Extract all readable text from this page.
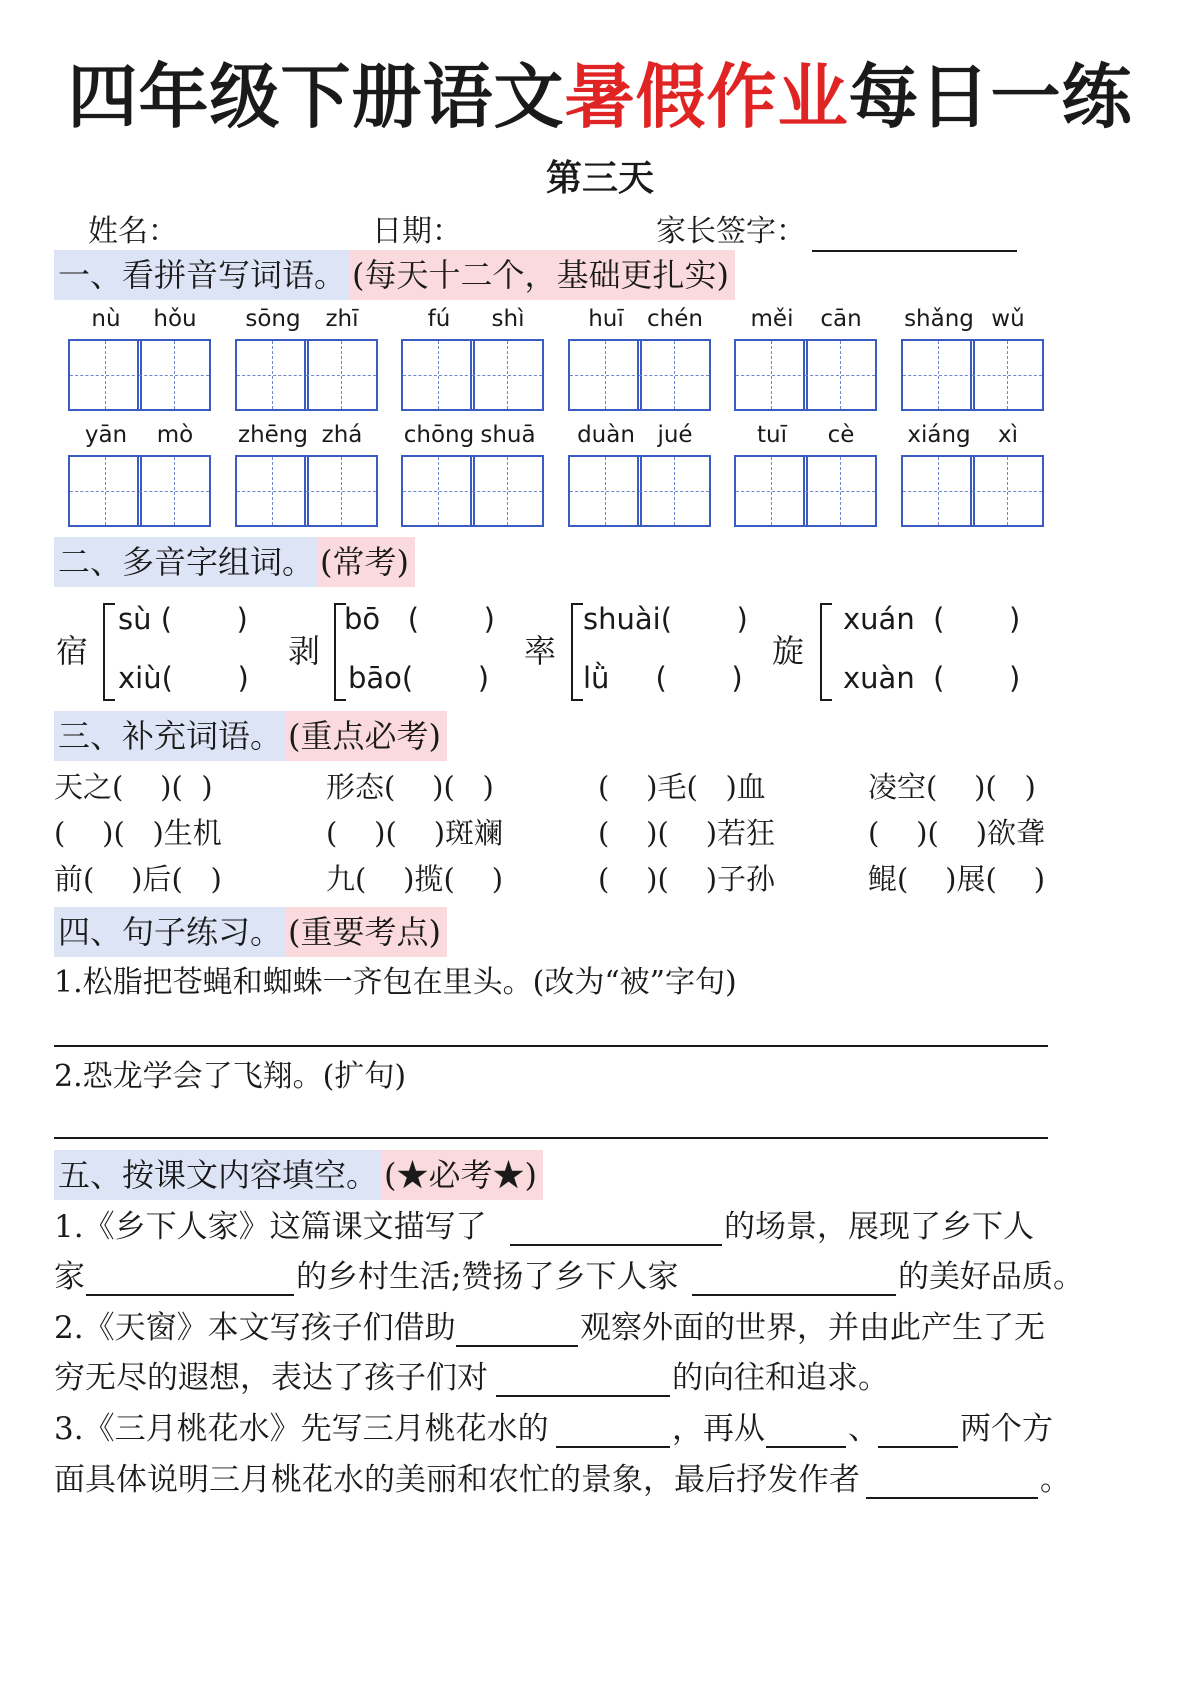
四年级下册语文暑假作业每日一练
第三天
姓名：	日期：	家长签字：
一、看拼音写词语。 (每天十二个，基础更扎实)
nù	hǒu	sōng	zhī	fú	shì	huī	chén	měi	cān	shǎng wǔ
yān	mò	zhēng zhá	chōng shuā	duàn jué	tuī	cè	xiáng	xì
二、多音字组词。 (常考)
宿
sù (       )
xiù(       )
剥
bō   (       )
bāo(       )
率
shuài(       )
lǜ     (       )
旋
xuán  (       )
xuàn  (       )
三、补充词语。 (重点必考)
天之(    )(  )	形态(    )(   )	(    )毛(   )血	凌空(    )(   )
(    )(   )生机	(    )(    )斑斓	(    )(    )若狂	(    )(    )欲聋
前(    )后(   )	九(    )揽(    )	(    )(    )子孙	鲲(    )展(    )
四、句子练习。 (重要考点)
1.松脂把苍蝇和蜘蛛一齐包在里头。(改为“被”字句)
2.恐龙学会了飞翔。(扩句)
五、按课文内容填空。 (★必考★)
1.《乡下人家》这篇课文描写了	的场景，展现了乡下人
家	的乡村生活;赞扬了乡下人家	的美好品质。
2.《天窗》本文写孩子们借助	观察外面的世界，并由此产生了无
穷无尽的遐想，表达了孩子们对	的向往和追求。
3.《三月桃花水》先写三月桃花水的	，再从	、	两个方
面具体说明三月桃花水的美丽和农忙的景象，最后抒发作者	。
